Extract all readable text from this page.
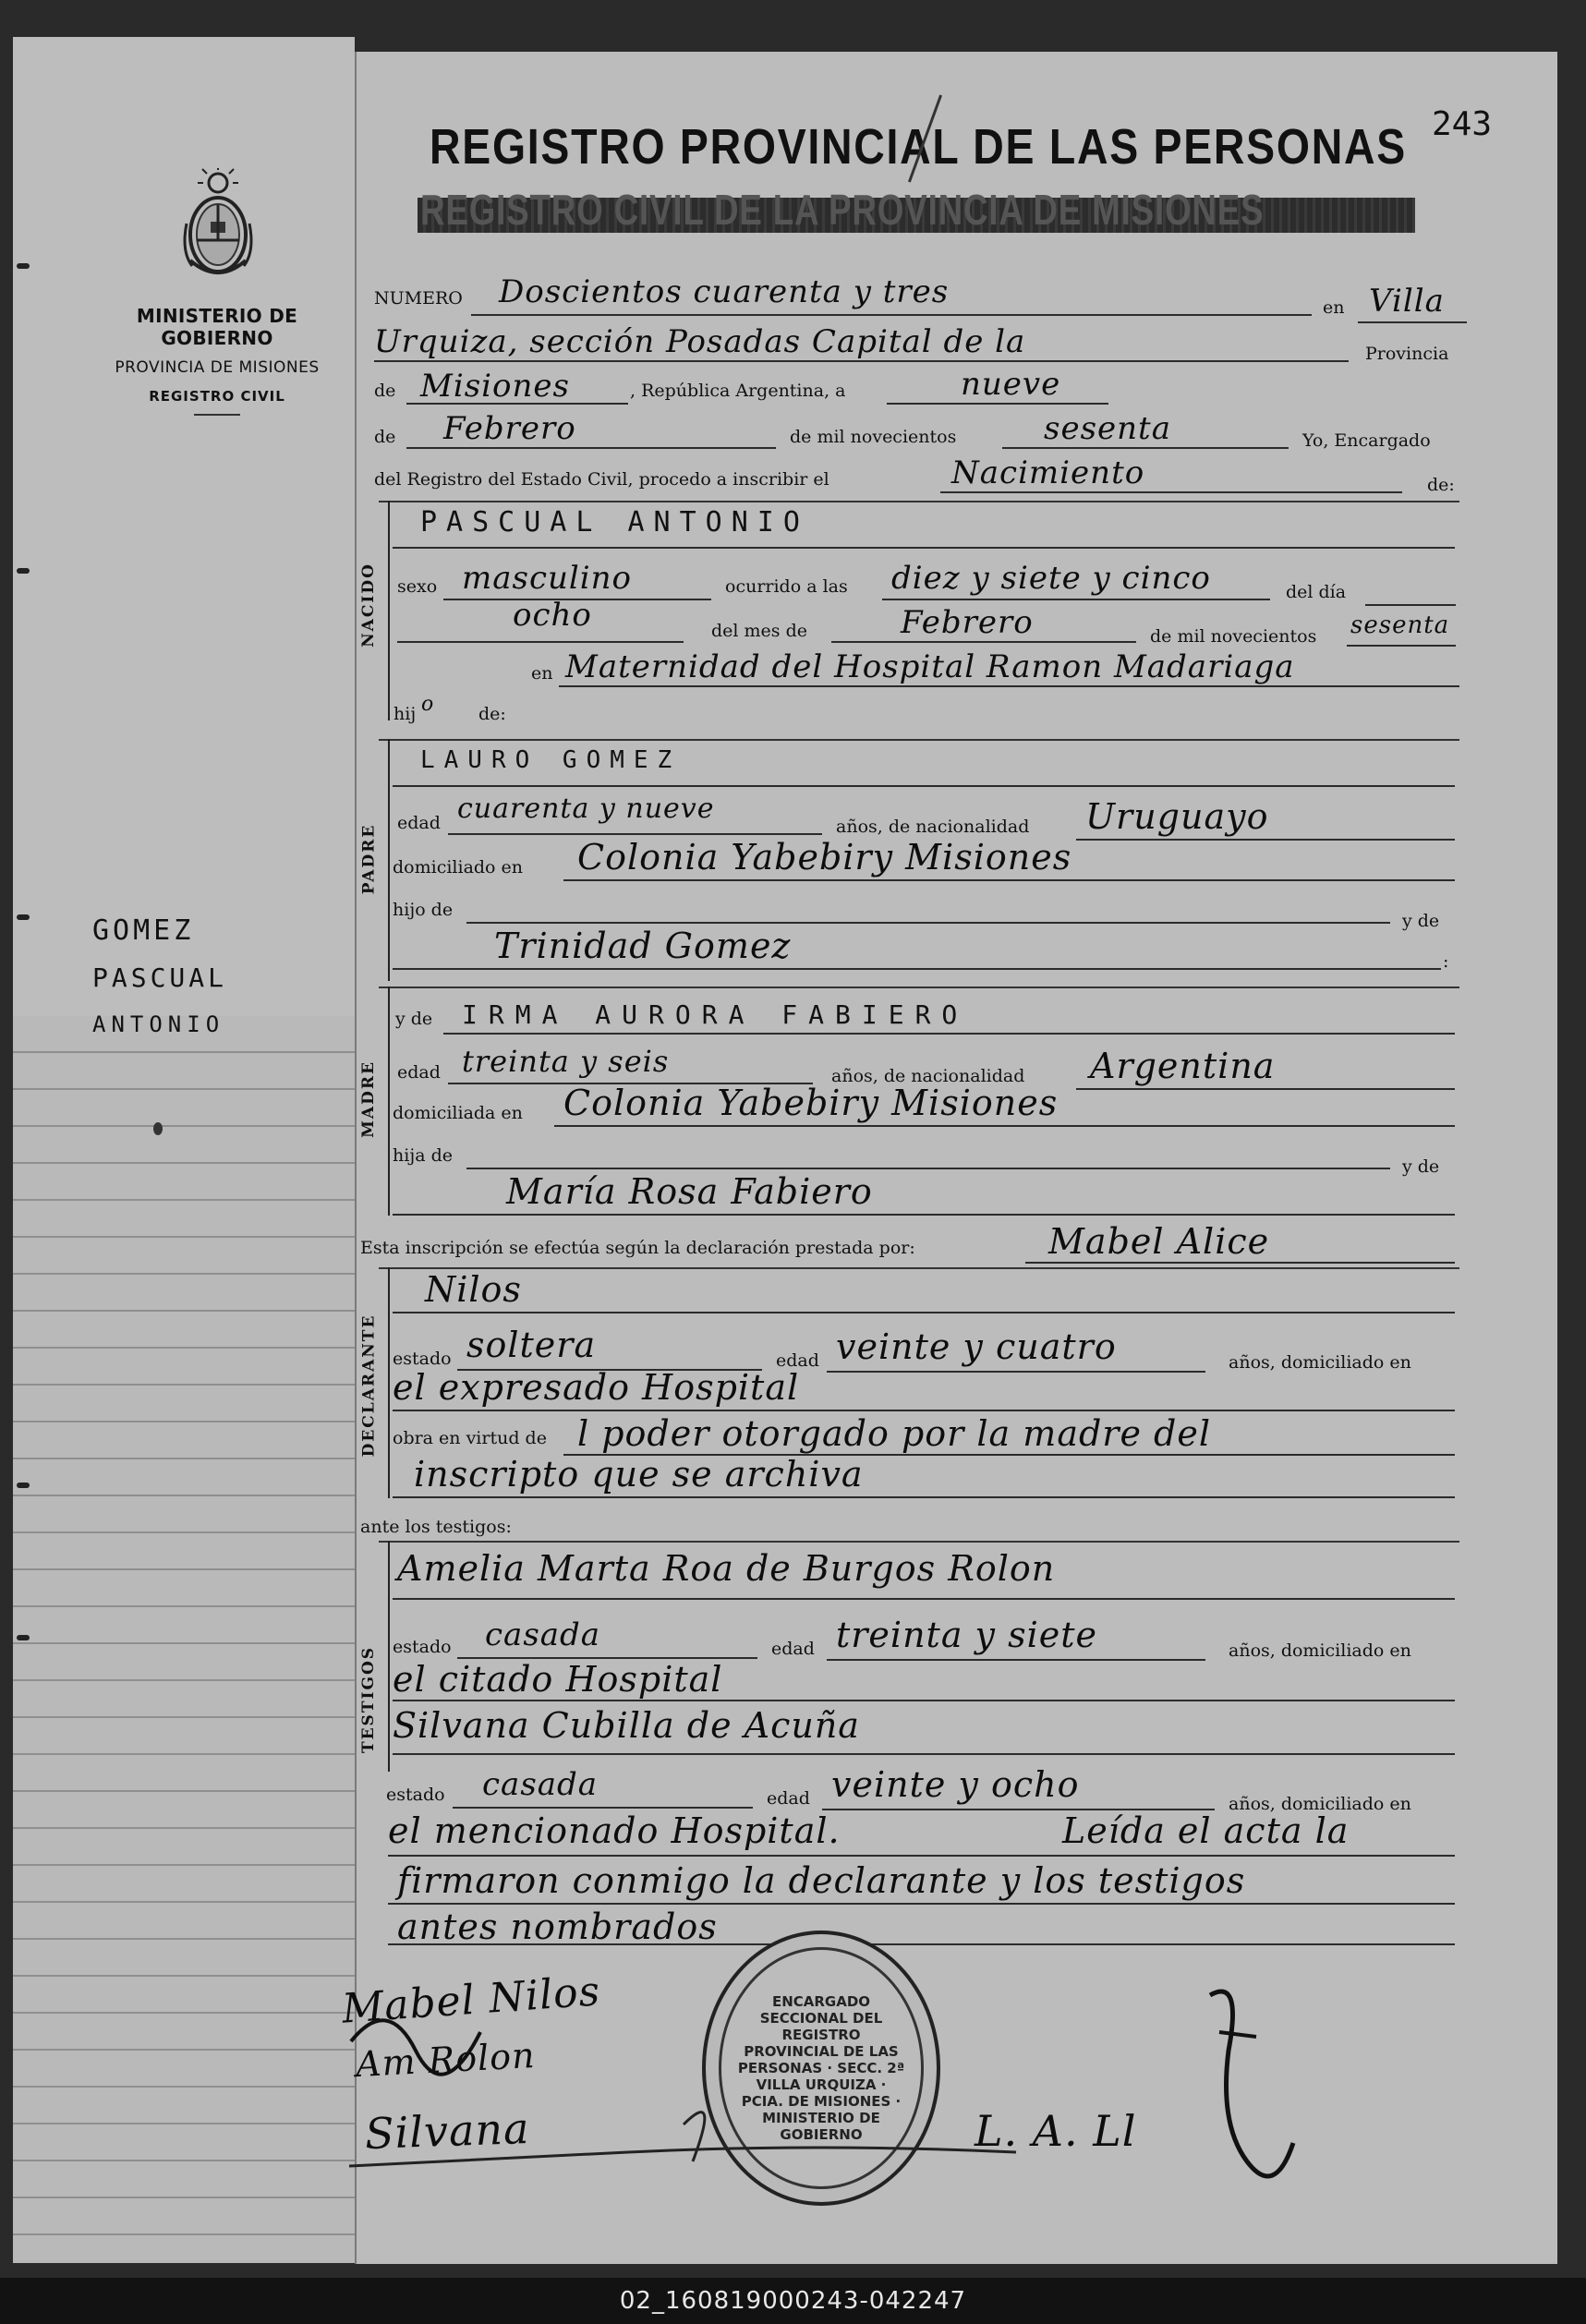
MINISTERIO DE GOBIERNO
PROVINCIA DE MISIONES
REGISTRO CIVIL
GOMEZ
PASCUAL
ANTONIO
REGISTRO PROVINCIAL DE LAS PERSONAS
REGISTRO CIVIL DE LA PROVINCIA DE MISIONES
243
NUMERO Doscientos cuarenta y tres	en Villa
Urquiza, sección Posadas Capital de la	Provincia
de Misiones	, República Argentina, a	nueve
de Febrero	de mil novecientos	sesenta	Yo, Encargado
del Registro del Estado Civil, procedo a inscribir el	Nacimiento	de:
NACIDO
PASCUAL ANTONIO
sexo masculino	ocurrido a las diez y siete y cinco	del día
ocho	del mes de	Febrero	de mil novecientos sesenta
en Maternidad del Hospital Ramon Madariaga
hij o	de:
PADRE
LAURO GOMEZ
edad cuarenta y nueve
años, de nacionalidad Uruguayo
domiciliado en Colonia Yabebiry Misiones
hijo de
y de
Trinidad Gomez	:
MADRE
y de IRMA AURORA FABIERO
edad treinta y seis	años, de nacionalidad Argentina
domiciliada en Colonia Yabebiry Misiones
hija de
y de
María Rosa Fabiero
Esta inscripción se efectúa según la declaración prestada por:	Mabel Alice
DECLARANTE
Nilos
estado soltera	edad veinte y cuatro	años, domiciliado en
el expresado Hospital
obra en virtud de l poder otorgado por la madre del
inscripto que se archiva
ante los testigos:
TESTIGOS
Amelia Marta Roa de Burgos Rolon
estado casada	edad treinta y siete	años, domiciliado en
el citado Hospital
Silvana Cubilla de Acuña
estado casada	edad veinte y ocho	años, domiciliado en
el mencionado Hospital.	Leída el acta la
firmaron conmigo la declarante y los testigos
antes nombrados
ENCARGADO SECCIONAL DEL REGISTRO PROVINCIAL DE LAS PERSONAS · SECC. 2ª VILLA URQUIZA · PCIA. DE MISIONES · MINISTERIO DE GOBIERNO
Mabel Nilos
Am Rolon
Silvana	L. A. Ll
02_160819000243-042247
